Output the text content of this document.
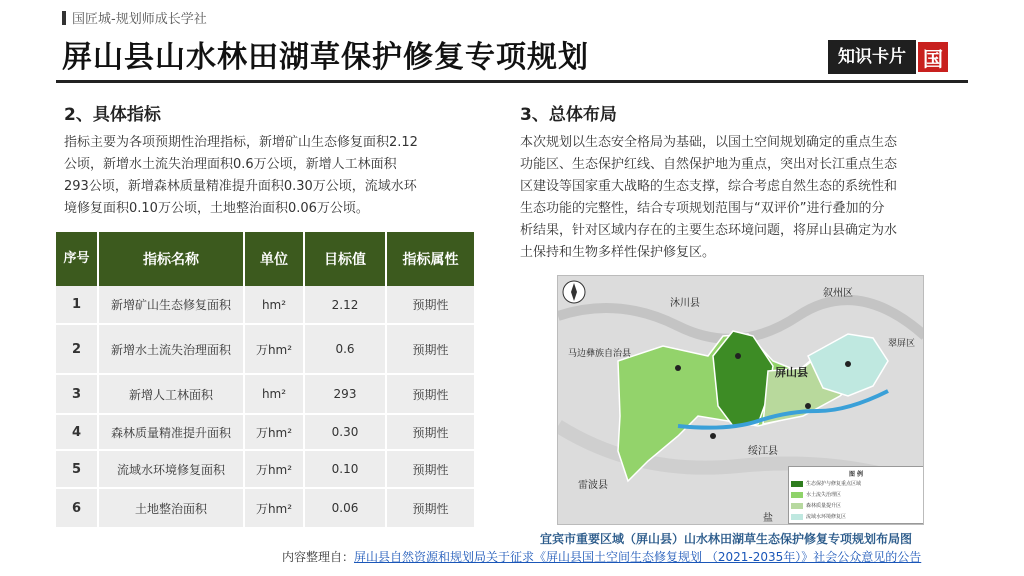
国匠城-规划师成长学社
屏山县山水林田湖草保护修复专项规划	知识卡片 国
2、具体指标
指标主要为各项预期性治理指标，新增矿山生态修复面积2.12
公顷，新增水土流失治理面积0.6万公顷，新增人工林面积
293公顷，新增森林质量精准提升面积0.30万公顷，流域水环
境修复面积0.10万公顷，土地整治面积0.06万公顷。
序号	指标名称	单位	目标值	指标属性
1	新增矿山生态修复面积	hm²	2.12	预期性
2	新增水土流失治理面积	万hm²	0.6	预期性
3	新增人工林面积	hm²	293	预期性
4	森林质量精准提升面积	万hm²	0.30	预期性
5	流域水环境修复面积	万hm²	0.10	预期性
6	土地整治面积	万hm²	0.06	预期性
3、总体布局
本次规划以生态安全格局为基础，以国土空间规划确定的重点生态
功能区、生态保护红线、自然保护地为重点，突出对长江重点生态
区建设等国家重大战略的生态支撑，综合考虑自然生态的系统性和
生态功能的完整性，结合专项规划范围与“双评价”进行叠加的分
析结果，针对区域内存在的主要生态环境问题，将屏山县确定为水
土保持和生物多样性保护修复区。
沐川县
叙州区
马边彝族自治县
屏山县
翠屏区
绥江县
雷波县
盐
图 例
生态保护与修复重点区域
水土流失治理区
森林质量提升区
流域水环境修复区
宜宾市重要区域（屏山县）山水林田湖草生态保护修复专项规划布局图
内容整理自：屏山县自然资源和规划局关于征求《屏山县国土空间生态修复规划 （2021-2035年）》社会公众意见的公告
